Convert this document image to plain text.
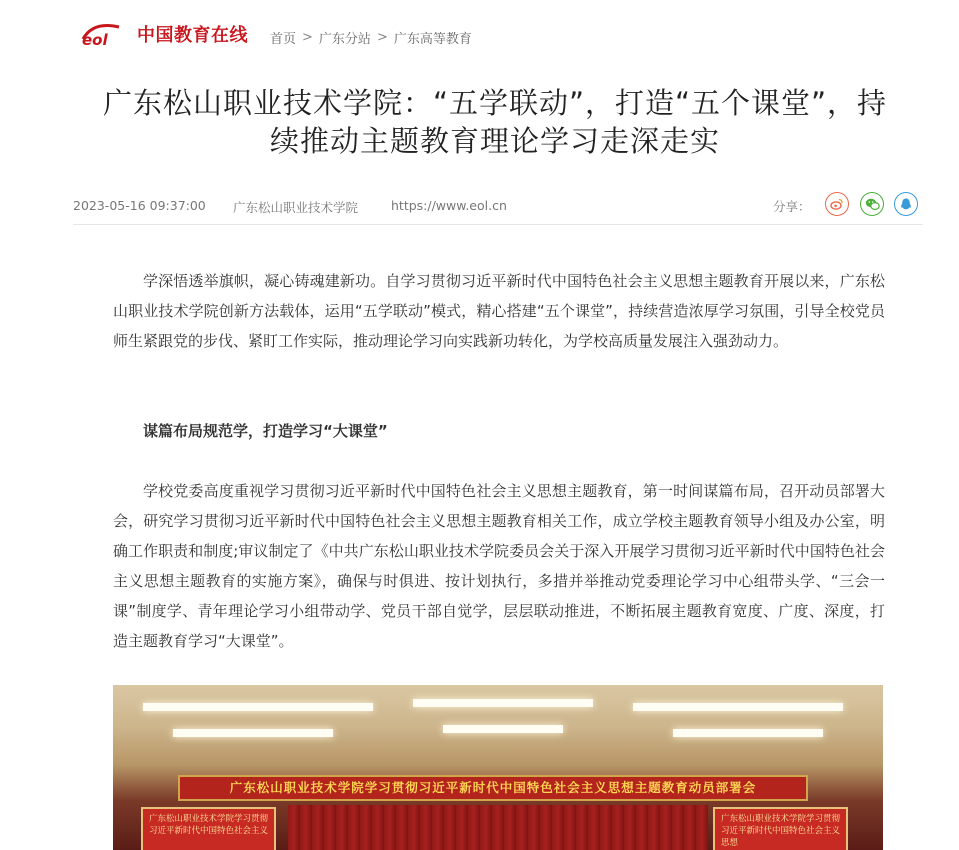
eol 中国教育在线 首页 > 广东分站 > 广东高等教育
广东松山职业技术学院：“五学联动”，打造“五个课堂”，持续推动主题教育理论学习走深走实
2023-05-16 09:37:00 广东松山职业技术学院	https://www.eol.cn	分享：

学深悟透举旗帜，凝心铸魂建新功。自学习贯彻习近平新时代中国特色社会主义思想主题教育开展以来，广东松山职业技术学院创新方法载体，运用“五学联动”模式，精心搭建“五个课堂”，持续营造浓厚学习氛围，引导全校党员师生紧跟党的步伐、紧盯工作实际，推动理论学习向实践新功转化，为学校高质量发展注入强劲动力。

谋篇布局规范学，打造学习“大课堂”

学校党委高度重视学习贯彻习近平新时代中国特色社会主义思想主题教育，第一时间谋篇布局，召开动员部署大会，研究学习贯彻习近平新时代中国特色社会主义思想主题教育相关工作，成立学校主题教育领导小组及办公室，明确工作职责和制度;审议制定了《中共广东松山职业技术学院委员会关于深入开展学习贯彻习近平新时代中国特色社会主义思想主题教育的实施方案》，确保与时俱进、按计划执行，多措并举推动党委理论学习中心组带头学、“三会一课”制度学、青年理论学习小组带动学、党员干部自觉学，层层联动推进，不断拓展主题教育宽度、广度、深度，打造主题教育学习“大课堂”。

广东松山职业技术学院学习贯彻习近平新时代中国特色社会主义思想主题教育动员部署会
广东松山职业技术学院学习贯彻习近平新时代中国特色社会主义
广东松山职业技术学院学习贯彻习近平新时代中国特色社会主义思想
